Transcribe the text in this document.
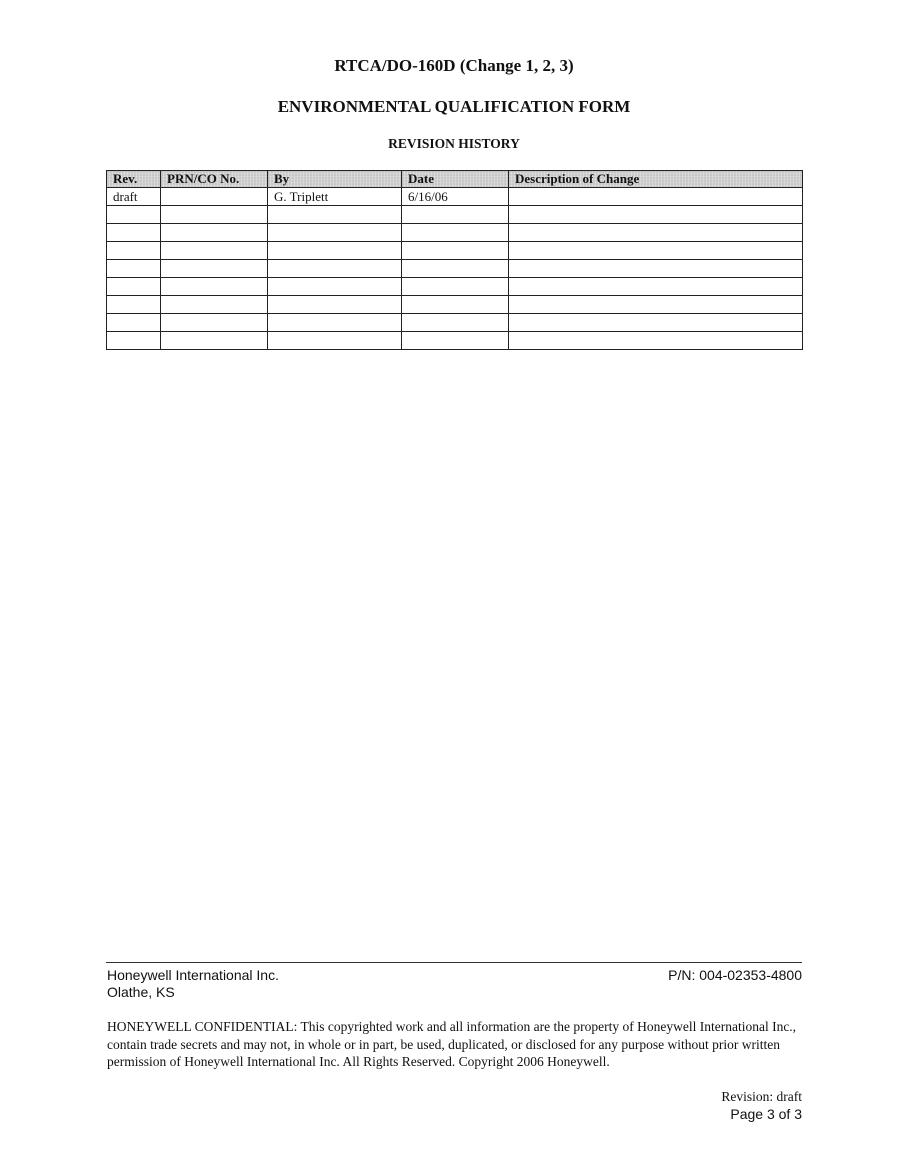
RTCA/DO-160D (Change 1, 2, 3)
ENVIRONMENTAL QUALIFICATION FORM
REVISION HISTORY
Rev.	PRN/CO No.	By	Date	Description of Change
draft		G. Triplett	6/16/06	

Honeywell International Inc.
Olathe, KS
P/N: 004-02353-4800
HONEYWELL CONFIDENTIAL: This copyrighted work and all information are the property of Honeywell International Inc., contain trade secrets and may not, in whole or in part, be used, duplicated, or disclosed for any purpose without prior written permission of Honeywell International Inc. All Rights Reserved. Copyright 2006 Honeywell.
Revision: draft
Page 3 of 3
